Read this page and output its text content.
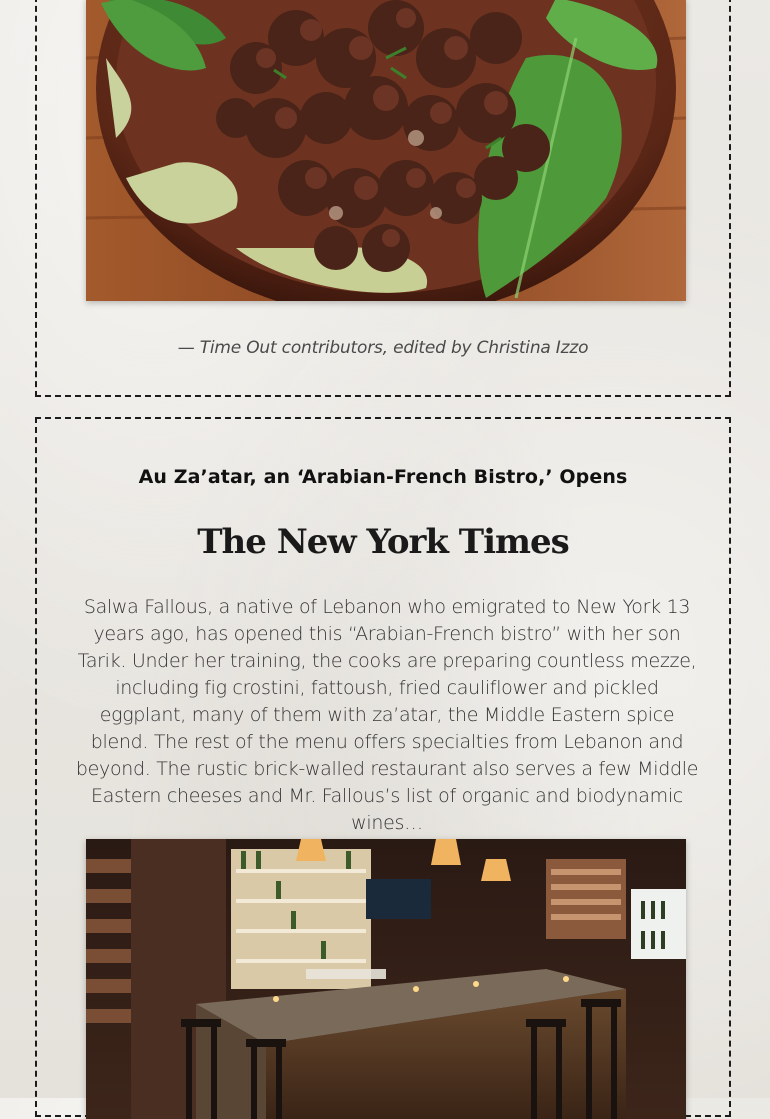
— Time Out contributors, edited by Christina Izzo
Au Za’atar, an ‘Arabian-French Bistro,’ Opens
The New York Times
Salwa Fallous, a native of Lebanon who emigrated to New York 13 years ago, has opened this “Arabian-French bistro” with her son Tarik. Under her training, the cooks are preparing countless mezze, including fig crostini, fattoush, fried cauliflower and pickled eggplant, many of them with za’atar, the Middle Eastern spice blend. The rest of the menu offers specialties from Lebanon and beyond. The rustic brick-walled restaurant also serves a few Middle Eastern cheeses and Mr. Fallous’s list of organic and biodynamic wines…
